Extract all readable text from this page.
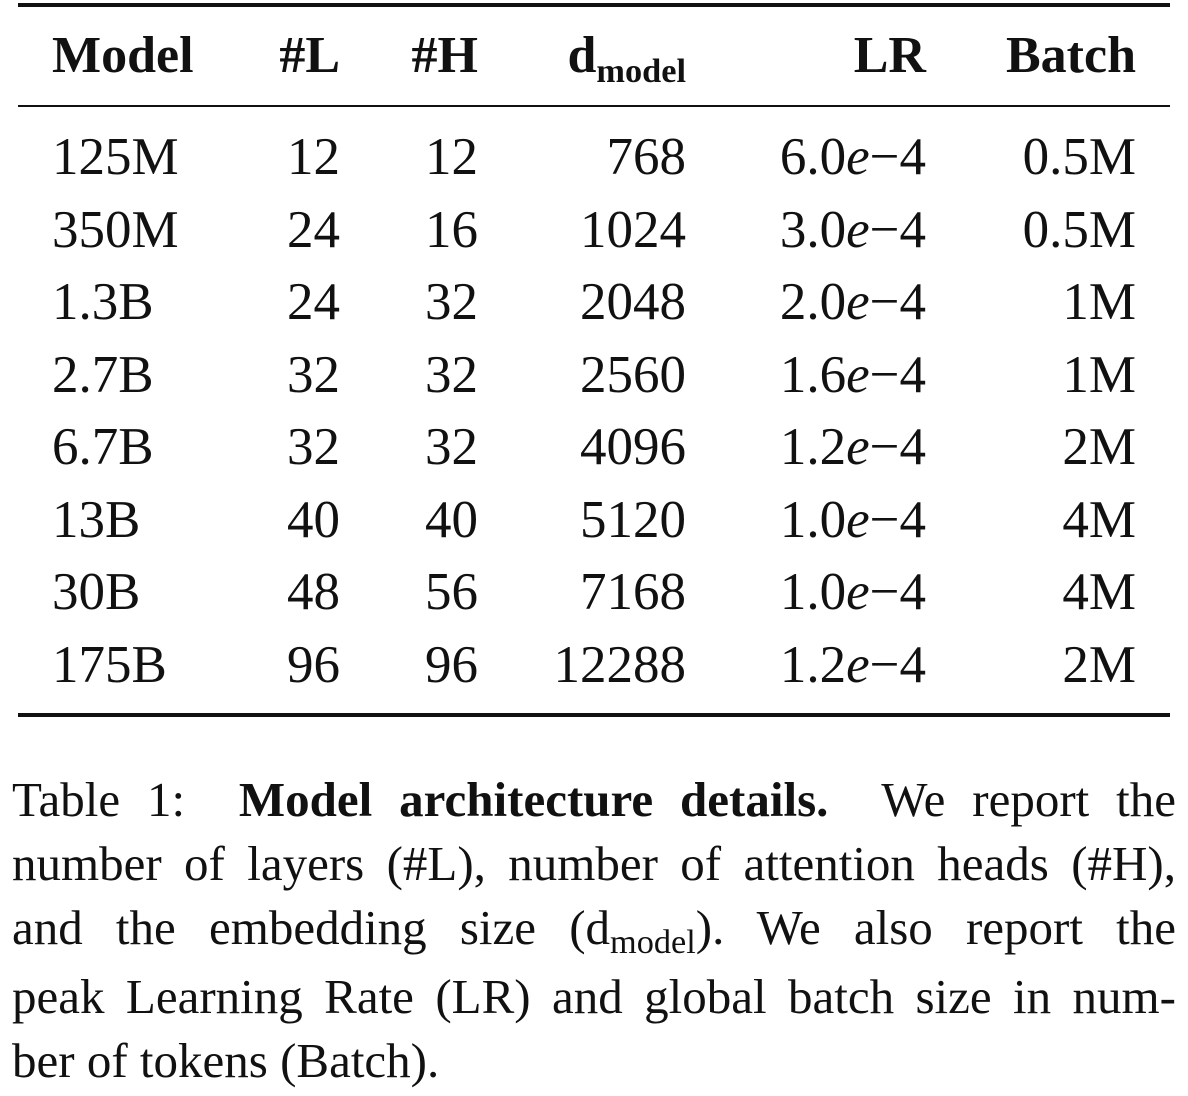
Model #L #H dmodel	LR Batch
125M 12 12 768 6.0e−4 0.5M
350M 24 16 1024 3.0e−4 0.5M
1.3B	24 32 2048 2.0e−4	1M
2.7B	32 32 2560 1.6e−4	1M
6.7B	32 32 4096 1.2e−4	2M
13B	40 40 5120 1.0e−4	4M
30B	48 56 7168 1.0e−4	4M
175B 96 96 12288 1.2e−4	2M
Table 1: Model architecture details. We report the
number of layers (#L), number of attention heads (#H),
and the embedding size (dmodel). We also report the
peak Learning Rate (LR) and global batch size in num-
ber of tokens (Batch).
